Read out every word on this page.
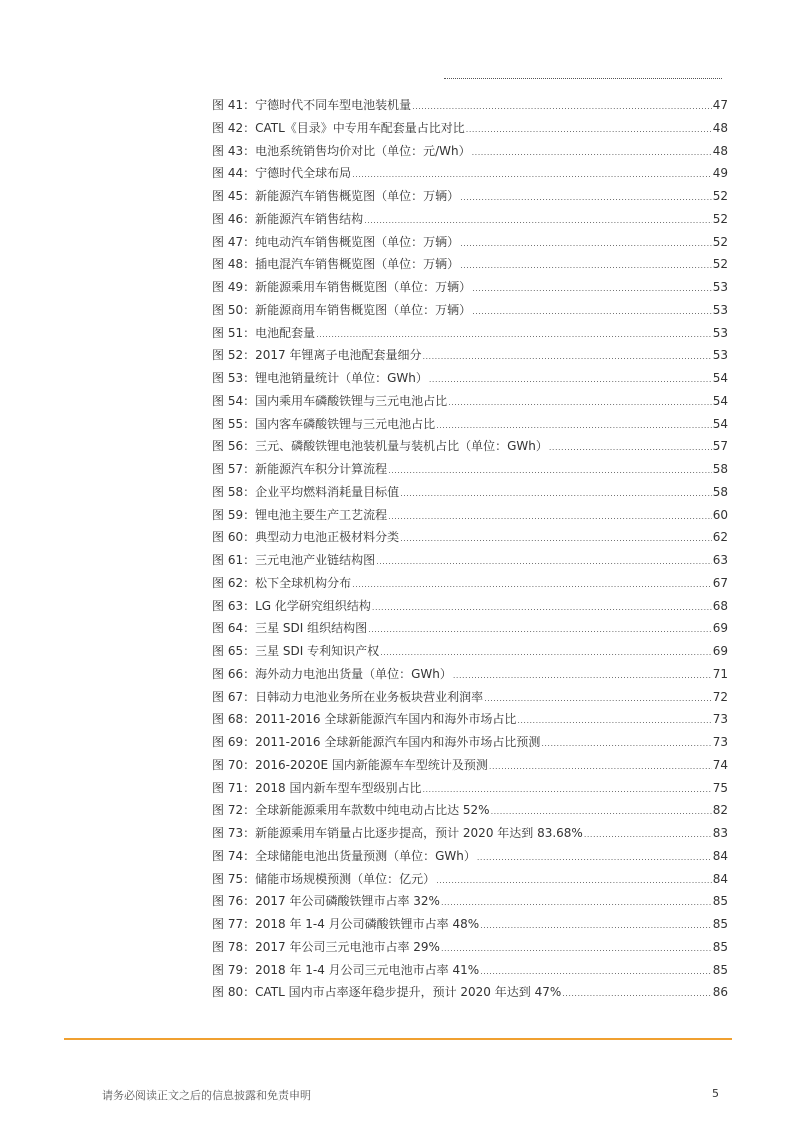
图 41： 宁德时代不同车型电池装机量 .....	47
图 42： CATL《目录》中专用车配套量占比对比 .....	48
图 43： 电池系统销售均价对比（单位：元/Wh） .....	48
图 44： 宁德时代全球布局 .....	49
图 45： 新能源汽车销售概览图（单位：万辆） .....	52
图 46： 新能源汽车销售结构 .....	52
图 47： 纯电动汽车销售概览图（单位：万辆） .....	52
图 48： 插电混汽车销售概览图（单位：万辆） .....	52
图 49： 新能源乘用车销售概览图（单位：万辆） .....	53
图 50： 新能源商用车销售概览图（单位：万辆） .....	53
图 51： 电池配套量 .....	53
图 52： 2017 年锂离子电池配套量细分 .....	53
图 53： 锂电池销量统计（单位：GWh） .....	54
图 54： 国内乘用车磷酸铁锂与三元电池占比 .....	54
图 55： 国内客车磷酸铁锂与三元电池占比 .....	54
图 56： 三元、磷酸铁锂电池装机量与装机占比（单位：GWh） .....	57
图 57： 新能源汽车积分计算流程 .....	58
图 58： 企业平均燃料消耗量目标值 .....	58
图 59： 锂电池主要生产工艺流程 .....	60
图 60： 典型动力电池正极材料分类 .....	62
图 61： 三元电池产业链结构图 .....	63
图 62： 松下全球机构分布 .....	67
图 63： LG 化学研究组织结构 .....	68
图 64： 三星 SDI 组织结构图 .....	69
图 65： 三星 SDI 专利知识产权 .....	69
图 66： 海外动力电池出货量（单位：GWh） .....	71
图 67： 日韩动力电池业务所在业务板块营业利润率 .....	72
图 68： 2011-2016 全球新能源汽车国内和海外市场占比 .....	73
图 69： 2011-2016 全球新能源汽车国内和海外市场占比预测 .....	73
图 70： 2016-2020E 国内新能源车车型统计及预测 .....	74
图 71： 2018 国内新车型车型级别占比 .....	75
图 72： 全球新能源乘用车款数中纯电动占比达 52% .....	82
图 73： 新能源乘用车销量占比逐步提高，预计 2020 年达到 83.68% .....	83
图 74： 全球储能电池出货量预测（单位：GWh） .....	84
图 75： 储能市场规模预测（单位：亿元） .....	84
图 76： 2017 年公司磷酸铁锂市占率 32% .....	85
图 77： 2018 年 1-4 月公司磷酸铁锂市占率 48% .....	85
图 78： 2017 年公司三元电池市占率 29% .....	85
图 79： 2018 年 1-4 月公司三元电池市占率 41% .....	85
图 80： CATL 国内市占率逐年稳步提升，预计 2020 年达到 47% .....	86
请务必阅读正文之后的信息披露和免责申明	5
